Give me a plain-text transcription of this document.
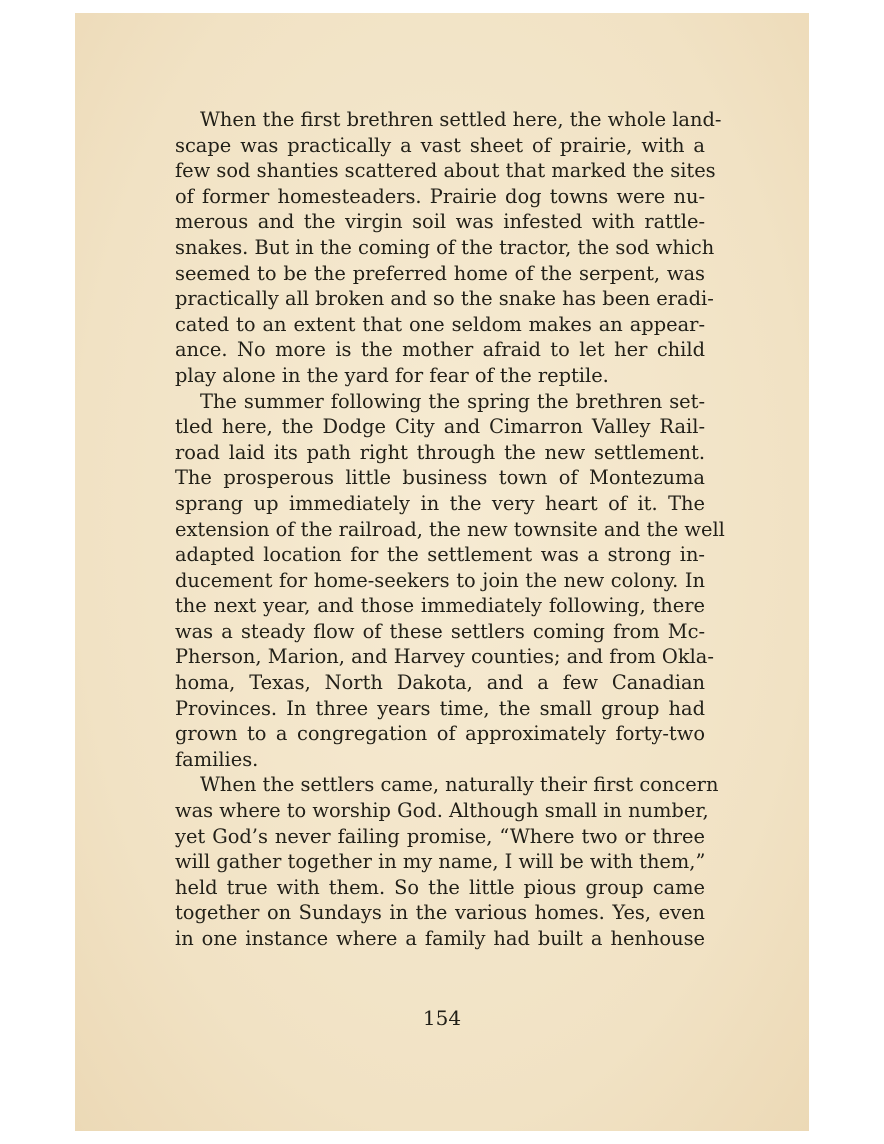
When the first brethren settled here, the whole land-
scape was practically a vast sheet of prairie, with a
few sod shanties scattered about that marked the sites
of former homesteaders. Prairie dog towns were nu-
merous and the virgin soil was infested with rattle-
snakes. But in the coming of the tractor, the sod which
seemed to be the preferred home of the serpent, was
practically all broken and so the snake has been eradi-
cated to an extent that one seldom makes an appear-
ance. No more is the mother afraid to let her child
play alone in the yard for fear of the reptile.
The summer following the spring the brethren set-
tled here, the Dodge City and Cimarron Valley Rail-
road laid its path right through the new settlement.
The prosperous little business town of Montezuma
sprang up immediately in the very heart of it. The
extension of the railroad, the new townsite and the well
adapted location for the settlement was a strong in-
ducement for home-seekers to join the new colony. In
the next year, and those immediately following, there
was a steady flow of these settlers coming from Mc-
Pherson, Marion, and Harvey counties; and from Okla-
homa, Texas, North Dakota, and a few Canadian
Provinces. In three years time, the small group had
grown to a congregation of approximately forty-two
families.
When the settlers came, naturally their first concern
was where to worship God. Although small in number,
yet God’s never failing promise, “Where two or three
will gather together in my name, I will be with them,”
held true with them. So the little pious group came
together on Sundays in the various homes. Yes, even
in one instance where a family had built a henhouse
154
